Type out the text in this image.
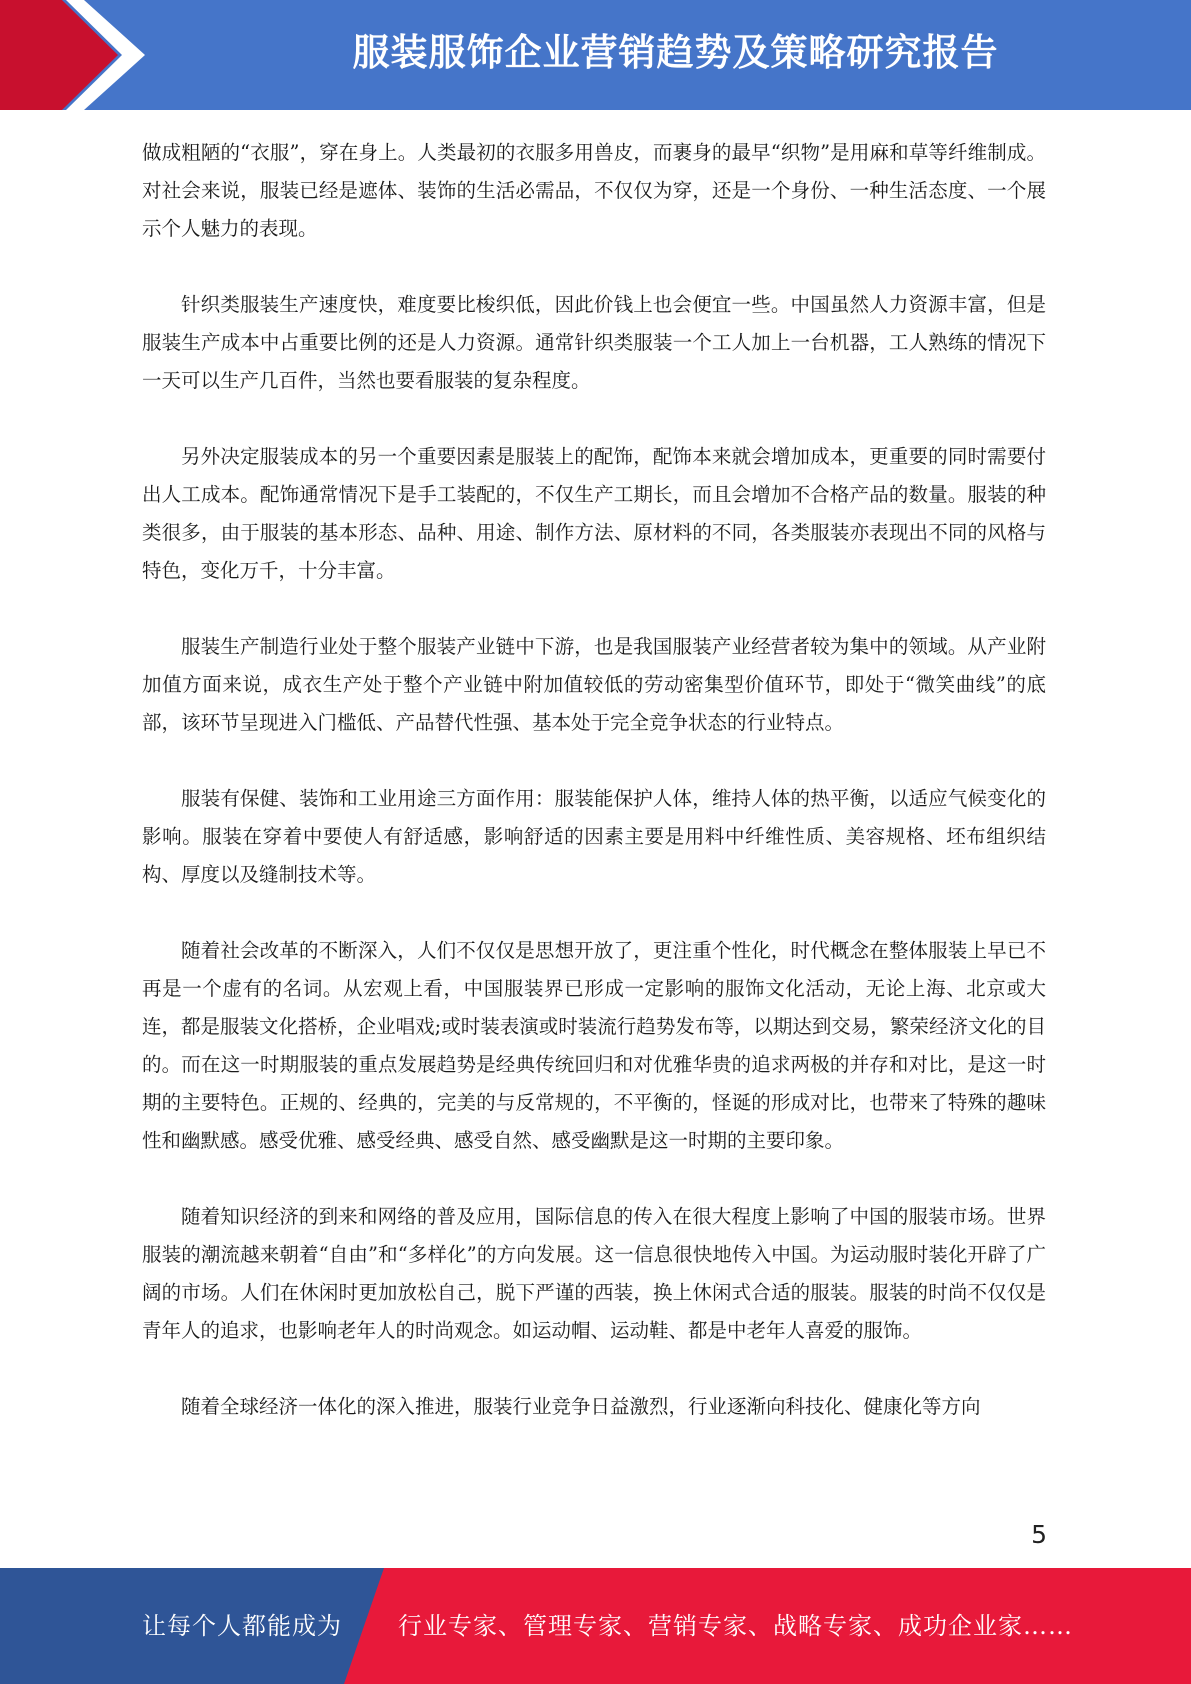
服装服饰企业营销趋势及策略研究报告

做成粗陋的“衣服”，穿在身上。人类最初的衣服多用兽皮，而裹身的最早“织物”是用麻和草等纤维制成。对社会来说，服装已经是遮体、装饰的生活必需品，不仅仅为穿，还是一个身份、一种生活态度、一个展示个人魅力的表现。

针织类服装生产速度快，难度要比梭织低，因此价钱上也会便宜一些。中国虽然人力资源丰富，但是服装生产成本中占重要比例的还是人力资源。通常针织类服装一个工人加上一台机器，工人熟练的情况下一天可以生产几百件，当然也要看服装的复杂程度。

另外决定服装成本的另一个重要因素是服装上的配饰，配饰本来就会增加成本，更重要的同时需要付出人工成本。配饰通常情况下是手工装配的，不仅生产工期长，而且会增加不合格产品的数量。服装的种类很多，由于服装的基本形态、品种、用途、制作方法、原材料的不同，各类服装亦表现出不同的风格与特色，变化万千，十分丰富。

服装生产制造行业处于整个服装产业链中下游，也是我国服装产业经营者较为集中的领域。从产业附加值方面来说，成衣生产处于整个产业链中附加值较低的劳动密集型价值环节，即处于“微笑曲线”的底部，该环节呈现进入门槛低、产品替代性强、基本处于完全竞争状态的行业特点。

服装有保健、装饰和工业用途三方面作用：服装能保护人体，维持人体的热平衡，以适应气候变化的影响。服装在穿着中要使人有舒适感，影响舒适的因素主要是用料中纤维性质、美容规格、坯布组织结构、厚度以及缝制技术等。

随着社会改革的不断深入，人们不仅仅是思想开放了，更注重个性化，时代概念在整体服装上早已不再是一个虚有的名词。从宏观上看，中国服装界已形成一定影响的服饰文化活动，无论上海、北京或大连，都是服装文化搭桥，企业唱戏;或时装表演或时装流行趋势发布等，以期达到交易，繁荣经济文化的目的。而在这一时期服装的重点发展趋势是经典传统回归和对优雅华贵的追求两极的并存和对比，是这一时期的主要特色。正规的、经典的，完美的与反常规的，不平衡的，怪诞的形成对比，也带来了特殊的趣味性和幽默感。感受优雅、感受经典、感受自然、感受幽默是这一时期的主要印象。

随着知识经济的到来和网络的普及应用，国际信息的传入在很大程度上影响了中国的服装市场。世界服装的潮流越来朝着“自由”和“多样化”的方向发展。这一信息很快地传入中国。为运动服时装化开辟了广阔的市场。人们在休闲时更加放松自己，脱下严谨的西装，换上休闲式合适的服装。服装的时尚不仅仅是青年人的追求，也影响老年人的时尚观念。如运动帽、运动鞋、都是中老年人喜爱的服饰。

随着全球经济一体化的深入推进，服装行业竞争日益激烈，行业逐渐向科技化、健康化等方向

5
让每个人都能成为 行业专家、管理专家、营销专家、战略专家、成功企业家……
